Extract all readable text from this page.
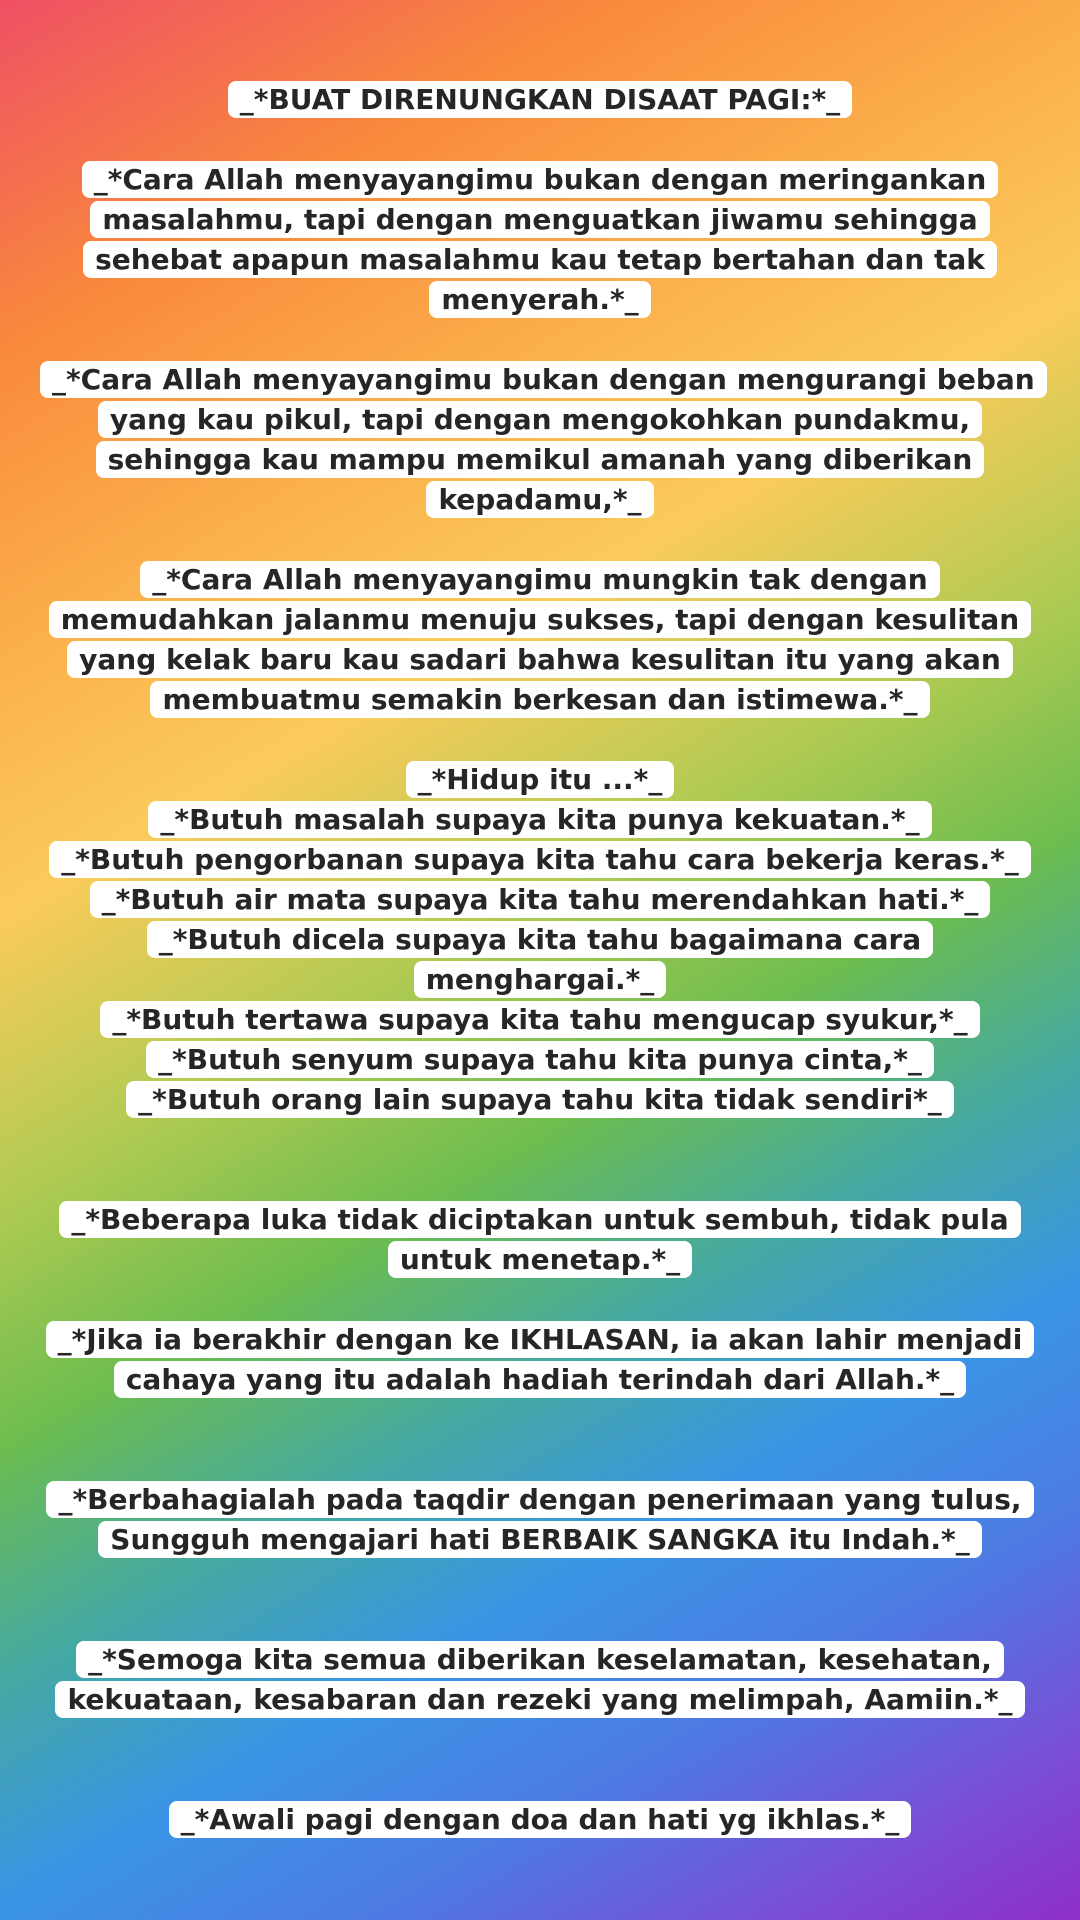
_*BUAT DIRENUNGKAN DISAAT PAGI:*_

_*Cara Allah menyayangimu bukan dengan meringankan masalahmu, tapi dengan menguatkan jiwamu sehingga sehebat apapun masalahmu kau tetap bertahan dan tak menyerah.*_

_*Cara Allah menyayangimu bukan dengan mengurangi beban yang kau pikul, tapi dengan mengokohkan pundakmu, sehingga kau mampu memikul amanah yang diberikan kepadamu,*_

_*Cara Allah menyayangimu mungkin tak dengan memudahkan jalanmu menuju sukses, tapi dengan kesulitan yang kelak baru kau sadari bahwa kesulitan itu yang akan membuatmu semakin berkesan dan istimewa.*_

_*Hidup itu ...*_
_*Butuh masalah supaya kita punya kekuatan.*_
_*Butuh pengorbanan supaya kita tahu cara bekerja keras.*_
_*Butuh air mata supaya kita tahu merendahkan hati.*_
_*Butuh dicela supaya kita tahu bagaimana cara menghargai.*_
_*Butuh tertawa supaya kita tahu mengucap syukur,*_
_*Butuh senyum supaya tahu kita punya cinta,*_
_*Butuh orang lain supaya tahu kita tidak sendiri*_

_*Beberapa luka tidak diciptakan untuk sembuh, tidak pula untuk menetap.*_

_*Jika ia berakhir dengan ke IKHLASAN, ia akan lahir menjadi cahaya yang itu adalah hadiah terindah dari Allah.*_

_*Berbahagialah pada taqdir dengan penerimaan yang tulus, Sungguh mengajari hati BERBAIK SANGKA itu Indah.*_

_*Semoga kita semua diberikan keselamatan, kesehatan, kekuataan, kesabaran dan rezeki yang melimpah, Aamiin.*_

_*Awali pagi dengan doa dan hati yg ikhlas.*_
